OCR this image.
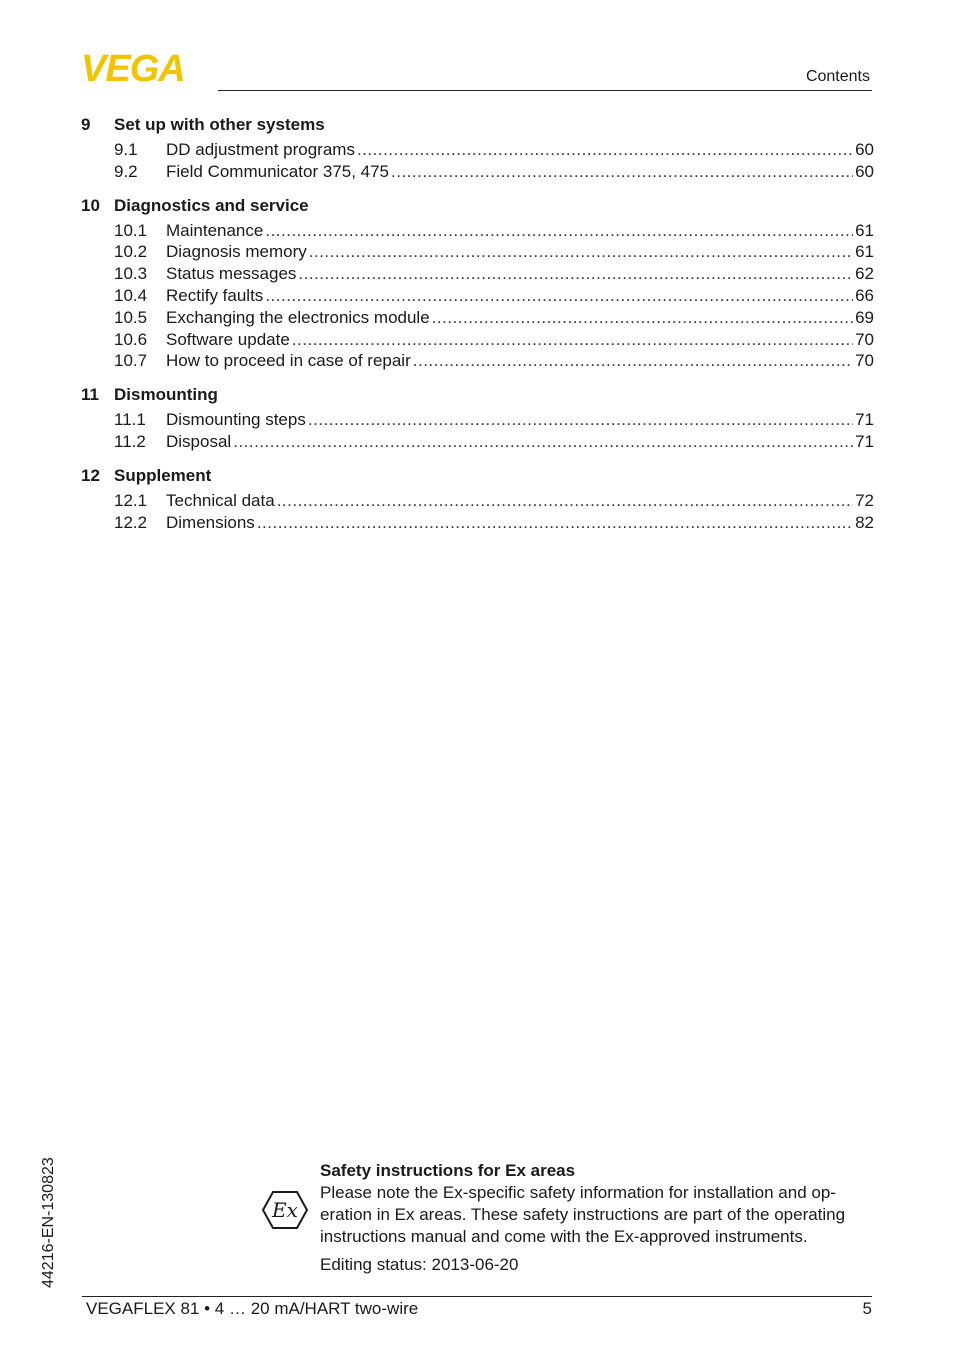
VEGA	Contents
9	Set up with other systems
9.1	DD adjustment programs .....	60
9.2	Field Communicator 375, 475 .....	60
10 Diagnostics and service
10.1	Maintenance .....	61
10.2	Diagnosis memory .....	61
10.3	Status messages .....	62
10.4	Rectify faults .....	66
10.5	Exchanging the electronics module .....	69
10.6	Software update .....	70
10.7	How to proceed in case of repair .....	70
11 Dismounting
11.1	Dismounting steps .....	71
11.2	Disposal .....	71
12 Supplement
12.1	Technical data .....	72
12.2	Dimensions .....	82
44216-EN-130823	Ex
Safety instructions for Ex areas
Please note the Ex-specific safety information for installation and op-eration in Ex areas. These safety instructions are part of the operating instructions manual and come with the Ex-approved instruments.
Editing status: 2013-06-20
VEGAFLEX 81 • 4 … 20 mA/HART two-wire	5
